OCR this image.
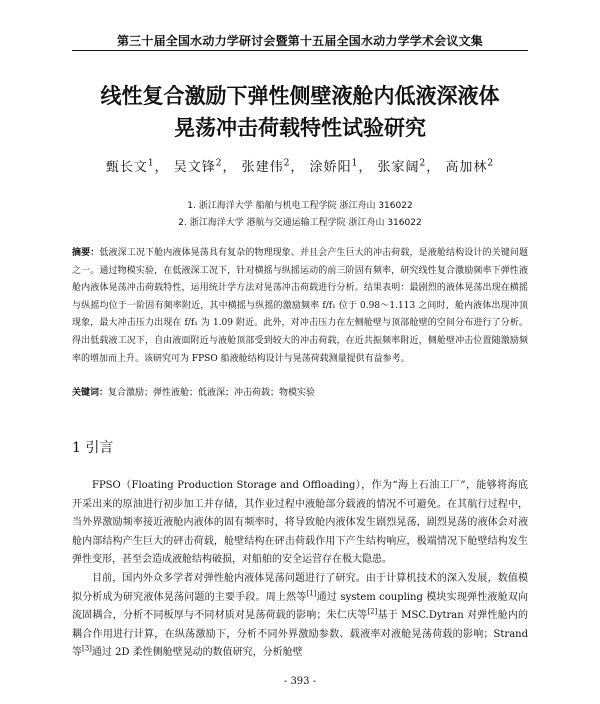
第三十届全国水动力学研讨会暨第十五届全国水动力学学术会议文集
线性复合激励下弹性侧壁液舱内低液深液体
晃荡冲击荷载特性试验研究
甄长文$^1$， 吴文锋$^2$， 张建伟$^2$， 涂娇阳$^1$， 张家阔$^2$， 高加林$^2$
1. 浙江海洋大学 船舶与机电工程学院 浙江舟山 316022
2. 浙江海洋大学 港航与交通运输工程学院 浙江舟山 316022
摘要：低液深工况下舱内液体晃荡具有复杂的物理现象、并且会产生巨大的冲击荷载，是液舱结构设计的关键问题之一。通过物模实验，在低液深工况下，针对横摇与纵摇运动的前三阶固有频率，研究线性复合激励频率下弹性液舱内液体晃荡冲击荷载特性，运用统计学方法对晃荡冲击荷载进行分析。结果表明：最剧烈的液体晃荡出现在横摇与纵摇均位于一阶固有频率附近，其中横摇与纵摇的激励频率 f/f₁ 位于 0.98～1.113 之间时，舱内液体出现冲顶现象，最大冲击压力出现在 f/f₁ 为 1.09 附近。此外，对冲击压力在左侧舱壁与顶部舱壁的空间分布进行了分析。得出低载液工况下，自由液面附近与液舱顶部受到较大的冲击荷载，在近共振频率附近，侧舱壁冲击位置随激励频率的增加而上升。该研究可为 FPSO 船液舱结构设计与晃荡荷载测量提供有益参考。
关键词：复合激励；弹性液舱；低液深；冲击荷载；物模实验
1 引言

FPSO（Floating Production Storage and Offloading），作为“海上石油工厂”，能够将海底开采出来的原油进行初步加工并存储，其作业过程中液舱部分载液的情况不可避免。在其航行过程中，当外界激励频率接近液舱内液体的固有频率时，将导致舱内液体发生剧烈晃荡，剧烈晃荡的液体会对液舱内部结构产生巨大的砰击荷载，舱壁结构在砰击荷载作用下产生结构响应，极端情况下舱壁结构发生弹性变形，甚至会造成液舱结构破损，对船舶的安全运营存在极大隐患。

目前，国内外众多学者对弹性舱内液体晃荡问题进行了研究。由于计算机技术的深入发展，数值模拟分析成为研究液体晃荡问题的主要手段。周上然等[1]通过 system coupling 模块实现弹性液舱双向流固耦合，分析不同板厚与不同材质对晃荡荷载的影响；朱仁庆等[2]基于 MSC.Dytran 对弹性舱内的耦合作用进行计算，在纵荡激励下，分析不同外界激励参数、载液率对液舱晃荡荷载的影响；Strand 等[3]通过 2D 柔性侧舱壁晃动的数值研究，分析舱壁

- 393 -
